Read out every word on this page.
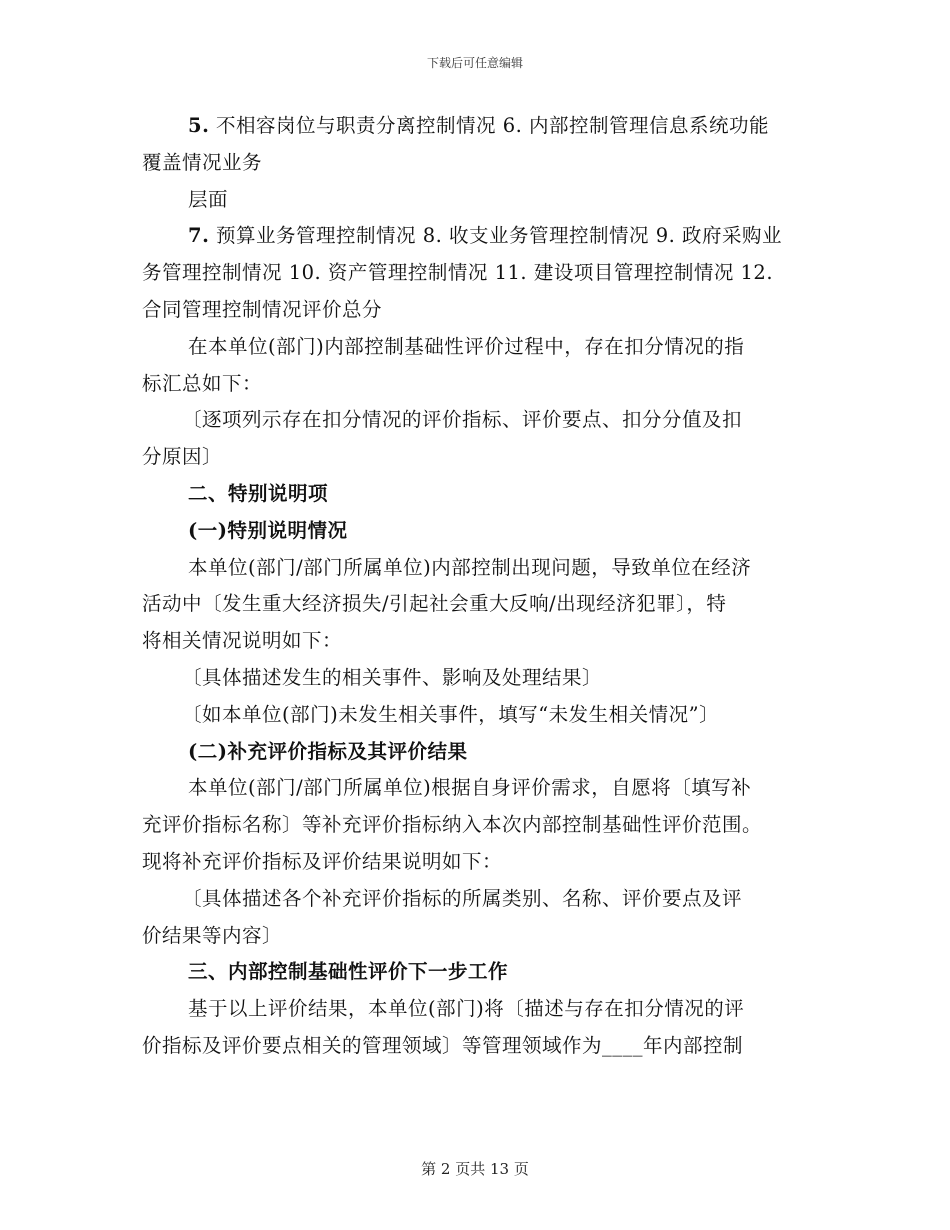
下载后可任意编辑
5. 不相容岗位与职责分离控制情况 6. 内部控制管理信息系统功能
覆盖情况业务
层面
7. 预算业务管理控制情况 8. 收支业务管理控制情况 9. 政府采购业
务管理控制情况 10. 资产管理控制情况 11. 建设项目管理控制情况 12.
合同管理控制情况评价总分
在本单位(部门)内部控制基础性评价过程中，存在扣分情况的指
标汇总如下：
〔逐项列示存在扣分情况的评价指标、评价要点、扣分分值及扣
分原因〕
二、特别说明项
(一)特别说明情况
本单位(部门/部门所属单位)内部控制出现问题，导致单位在经济
活动中〔发生重大经济损失/引起社会重大反响/出现经济犯罪〕，特
将相关情况说明如下：
〔具体描述发生的相关事件、影响及处理结果〕
〔如本单位(部门)未发生相关事件，填写“未发生相关情况”〕
(二)补充评价指标及其评价结果
本单位(部门/部门所属单位)根据自身评价需求，自愿将〔填写补
充评价指标名称〕等补充评价指标纳入本次内部控制基础性评价范围。
现将补充评价指标及评价结果说明如下：
〔具体描述各个补充评价指标的所属类别、名称、评价要点及评
价结果等内容〕
三、内部控制基础性评价下一步工作
基于以上评价结果，本单位(部门)将〔描述与存在扣分情况的评
价指标及评价要点相关的管理领域〕等管理领域作为____年内部控制
第 2 页共 13 页
